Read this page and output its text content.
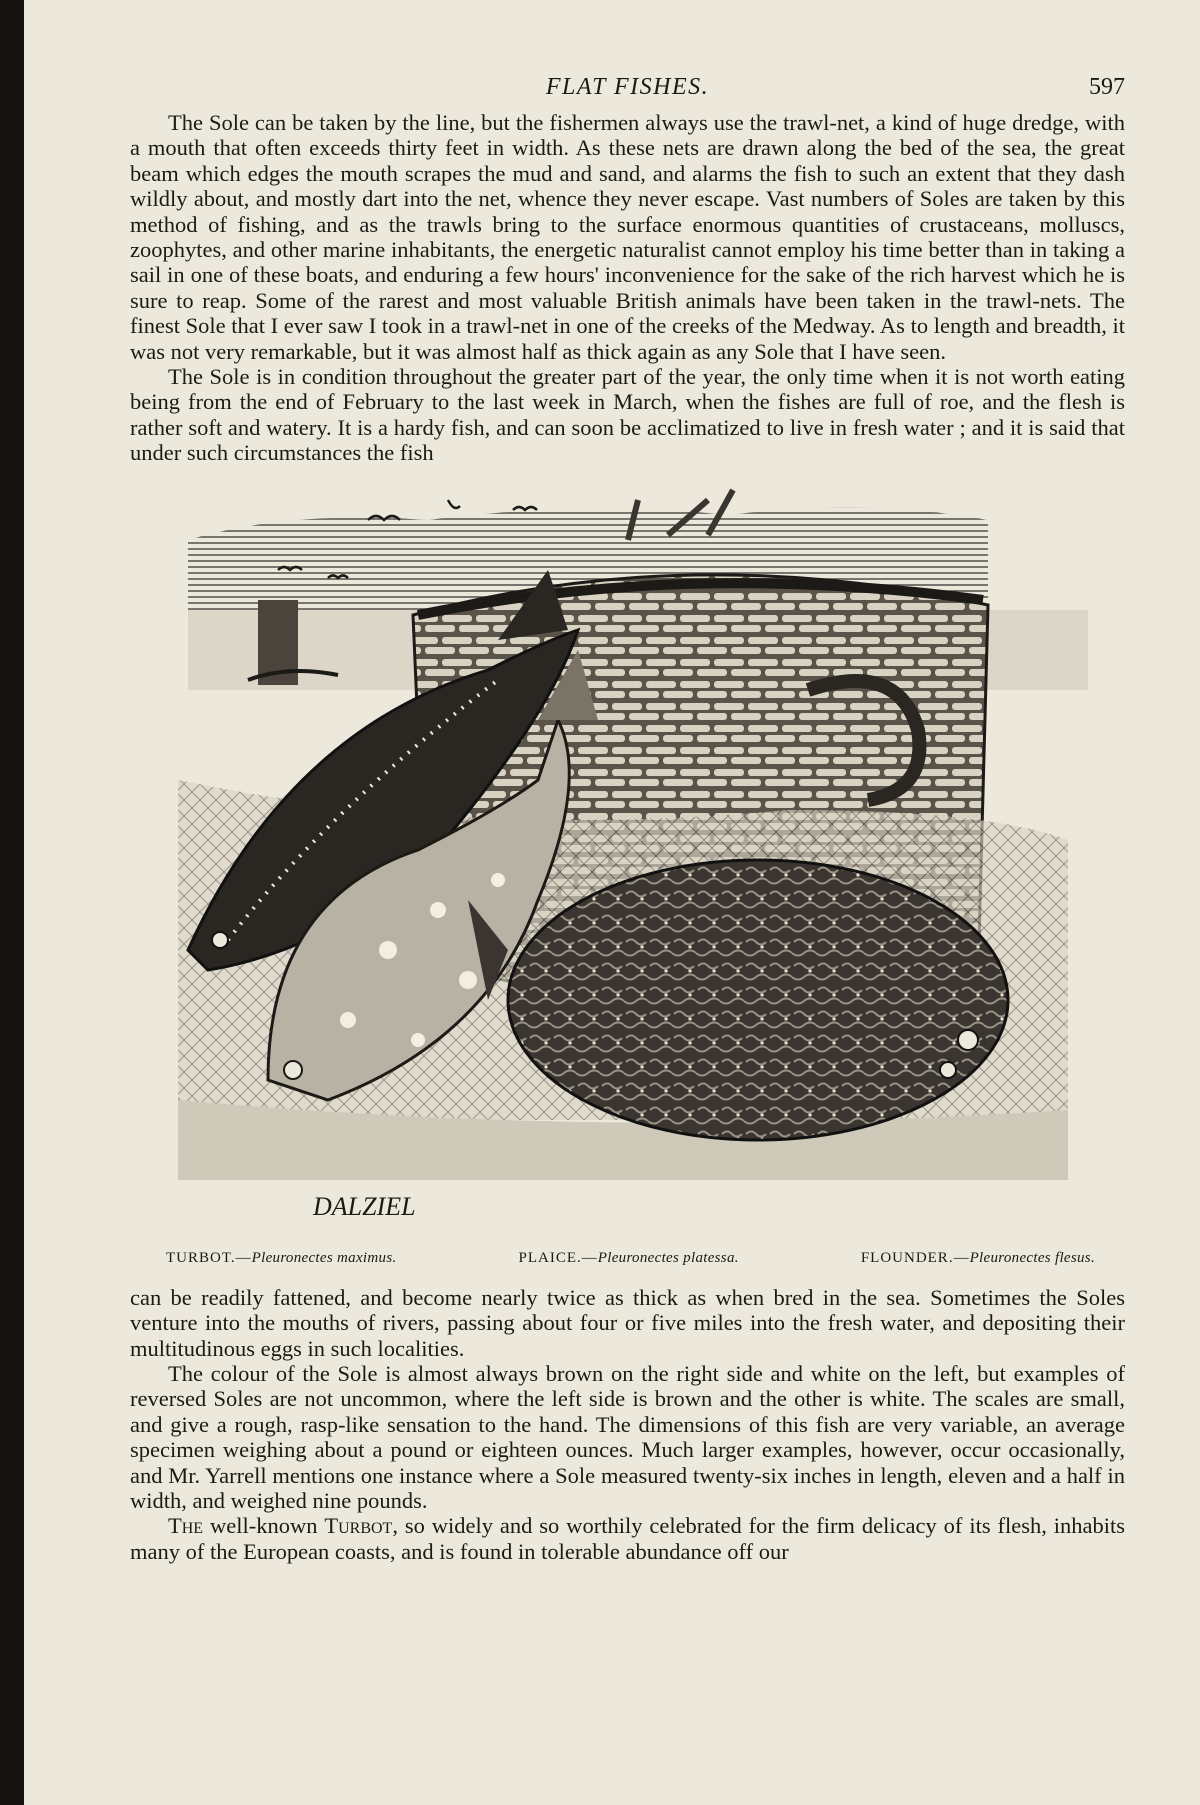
FLAT FISHES.	597

The Sole can be taken by the line, but the fishermen always use the trawl-net, a kind of huge dredge, with a mouth that often exceeds thirty feet in width. As these nets are drawn along the bed of the sea, the great beam which edges the mouth scrapes the mud and sand, and alarms the fish to such an extent that they dash wildly about, and mostly dart into the net, whence they never escape. Vast numbers of Soles are taken by this method of fishing, and as the trawls bring to the surface enormous quantities of crustaceans, molluscs, zoophytes, and other marine inhabitants, the energetic naturalist cannot employ his time better than in taking a sail in one of these boats, and enduring a few hours' inconvenience for the sake of the rich harvest which he is sure to reap. Some of the rarest and most valuable British animals have been taken in the trawl-nets. The finest Sole that I ever saw I took in a trawl-net in one of the creeks of the Medway. As to length and breadth, it was not very remarkable, but it was almost half as thick again as any Sole that I have seen.

The Sole is in condition throughout the greater part of the year, the only time when it is not worth eating being from the end of February to the last week in March, when the fishes are full of roe, and the flesh is rather soft and watery. It is a hardy fish, and can soon be acclimatized to live in fresh water ; and it is said that under such circumstances the fish

DALZIEL
TURBOT.—Pleuronectes maximus.	PLAICE.—Pleuronectes platessa.	FLOUNDER.—Pleuronectes flesus.

can be readily fattened, and become nearly twice as thick as when bred in the sea. Sometimes the Soles venture into the mouths of rivers, passing about four or five miles into the fresh water, and depositing their multitudinous eggs in such localities.

The colour of the Sole is almost always brown on the right side and white on the left, but examples of reversed Soles are not uncommon, where the left side is brown and the other is white. The scales are small, and give a rough, rasp-like sensation to the hand. The dimensions of this fish are very variable, an average specimen weighing about a pound or eighteen ounces. Much larger examples, however, occur occasionally, and Mr. Yarrell mentions one instance where a Sole measured twenty-six inches in length, eleven and a half in width, and weighed nine pounds.

The well-known Turbot, so widely and so worthily celebrated for the firm delicacy of its flesh, inhabits many of the European coasts, and is found in tolerable abundance off our
